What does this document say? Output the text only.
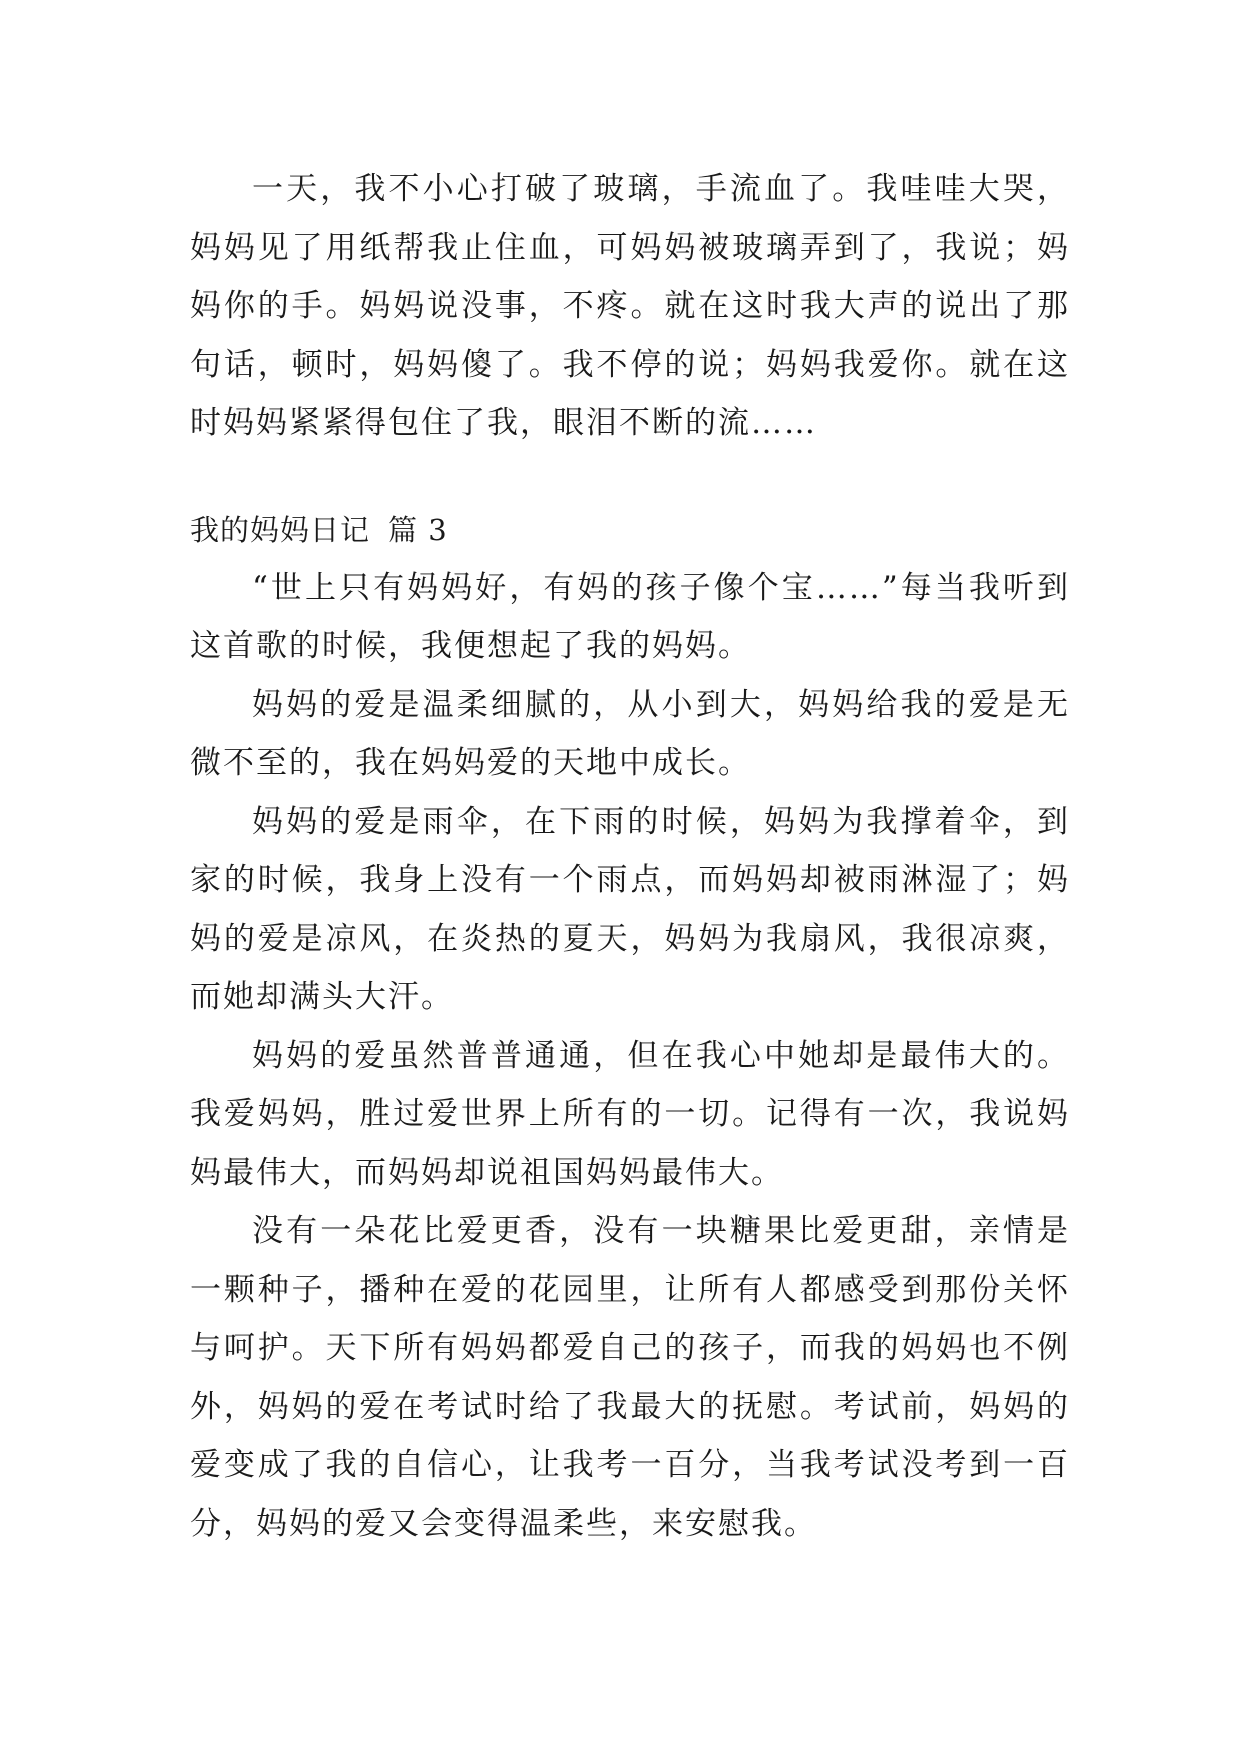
一天，我不小心打破了玻璃，手流血了。我哇哇大哭，妈妈见了用纸帮我止住血，可妈妈被玻璃弄到了，我说；妈妈你的手。妈妈说没事，不疼。就在这时我大声的说出了那句话，顿时，妈妈傻了。我不停的说；妈妈我爱你。就在这时妈妈紧紧得包住了我，眼泪不断的流……

我的妈妈日记 篇 3

“世上只有妈妈好，有妈的孩子像个宝……”每当我听到这首歌的时候，我便想起了我的妈妈。

妈妈的爱是温柔细腻的，从小到大，妈妈给我的爱是无微不至的，我在妈妈爱的天地中成长。

妈妈的爱是雨伞，在下雨的时候，妈妈为我撑着伞，到家的时候，我身上没有一个雨点，而妈妈却被雨淋湿了；妈妈的爱是凉风，在炎热的夏天，妈妈为我扇风，我很凉爽，而她却满头大汗。

妈妈的爱虽然普普通通，但在我心中她却是最伟大的。我爱妈妈，胜过爱世界上所有的一切。记得有一次，我说妈妈最伟大，而妈妈却说祖国妈妈最伟大。

没有一朵花比爱更香，没有一块糖果比爱更甜，亲情是一颗种子，播种在爱的花园里，让所有人都感受到那份关怀与呵护。天下所有妈妈都爱自己的孩子，而我的妈妈也不例外，妈妈的爱在考试时给了我最大的抚慰。考试前，妈妈的爱变成了我的自信心，让我考一百分，当我考试没考到一百分，妈妈的爱又会变得温柔些，来安慰我。
